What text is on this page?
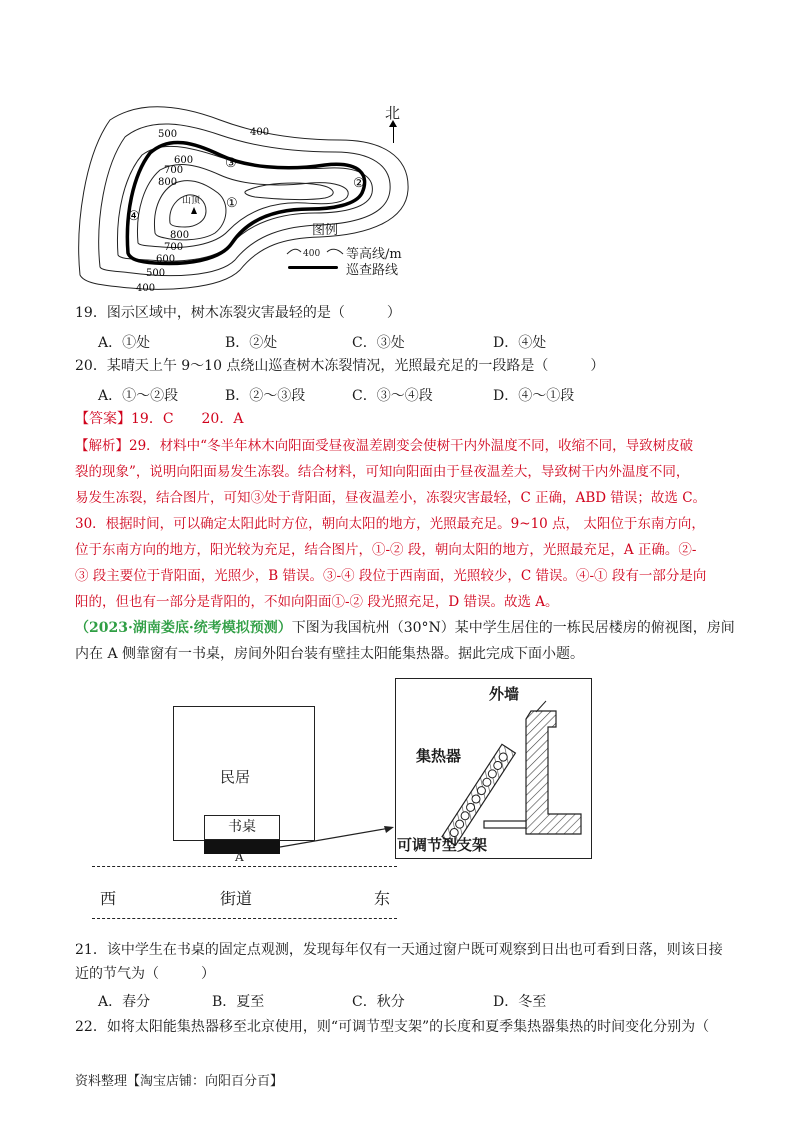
400
500
600
700
800
山顶
800
700
600
500
400
①
②
③
④
北
图例
400 等高线/m
巡查路线
19．图示区域中，树木冻裂灾害最轻的是（　　　）
A．①处	B．②处	C．③处	D．④处
20．某晴天上午 9～10 点绕山巡查树木冻裂情况，光照最充足的一段路是（　　　）
A．①～②段	B．②～③段	C．③～④段	D．④～①段
【答案】19．C　　20．A
【解析】29．材料中“冬半年林木向阳面受昼夜温差剧变会使树干内外温度不同，收缩不同，导致树皮破
裂的现象”，说明向阳面易发生冻裂。结合材料，可知向阳面由于昼夜温差大，导致树干内外温度不同，
易发生冻裂，结合图片，可知③处于背阳面，昼夜温差小，冻裂灾害最轻，C 正确，ABD 错误；故选 C。
30．根据时间，可以确定太阳此时方位，朝向太阳的地方，光照最充足。9~10 点， 太阳位于东南方向，
位于东南方向的地方，阳光较为充足，结合图片，①-② 段，朝向太阳的地方，光照最充足，A 正确。②-
③ 段主要位于背阳面，光照少，B 错误。③-④ 段位于西南面，光照较少，C 错误。④-① 段有一部分是向
阳的，但也有一部分是背阳的，不如向阳面①-② 段光照充足，D 错误。故选 A。
（2023·湖南娄底·统考模拟预测）下图为我国杭州（30°N）某中学生居住的一栋民居楼房的俯视图，房间
内在 A 侧靠窗有一书桌，房间外阳台装有壁挂太阳能集热器。据此完成下面小题。
民居
书桌
A
西	街道	东
外墙
集热器
可调节型支架
21．该中学生在书桌的固定点观测，发现每年仅有一天通过窗户既可观察到日出也可看到日落，则该日接
近的节气为（　　　）
A．春分	B．夏至	C．秋分	D．冬至
22．如将太阳能集热器移至北京使用，则“可调节型支架”的长度和夏季集热器集热的时间变化分别为（
资料整理【淘宝店铺：向阳百分百】
